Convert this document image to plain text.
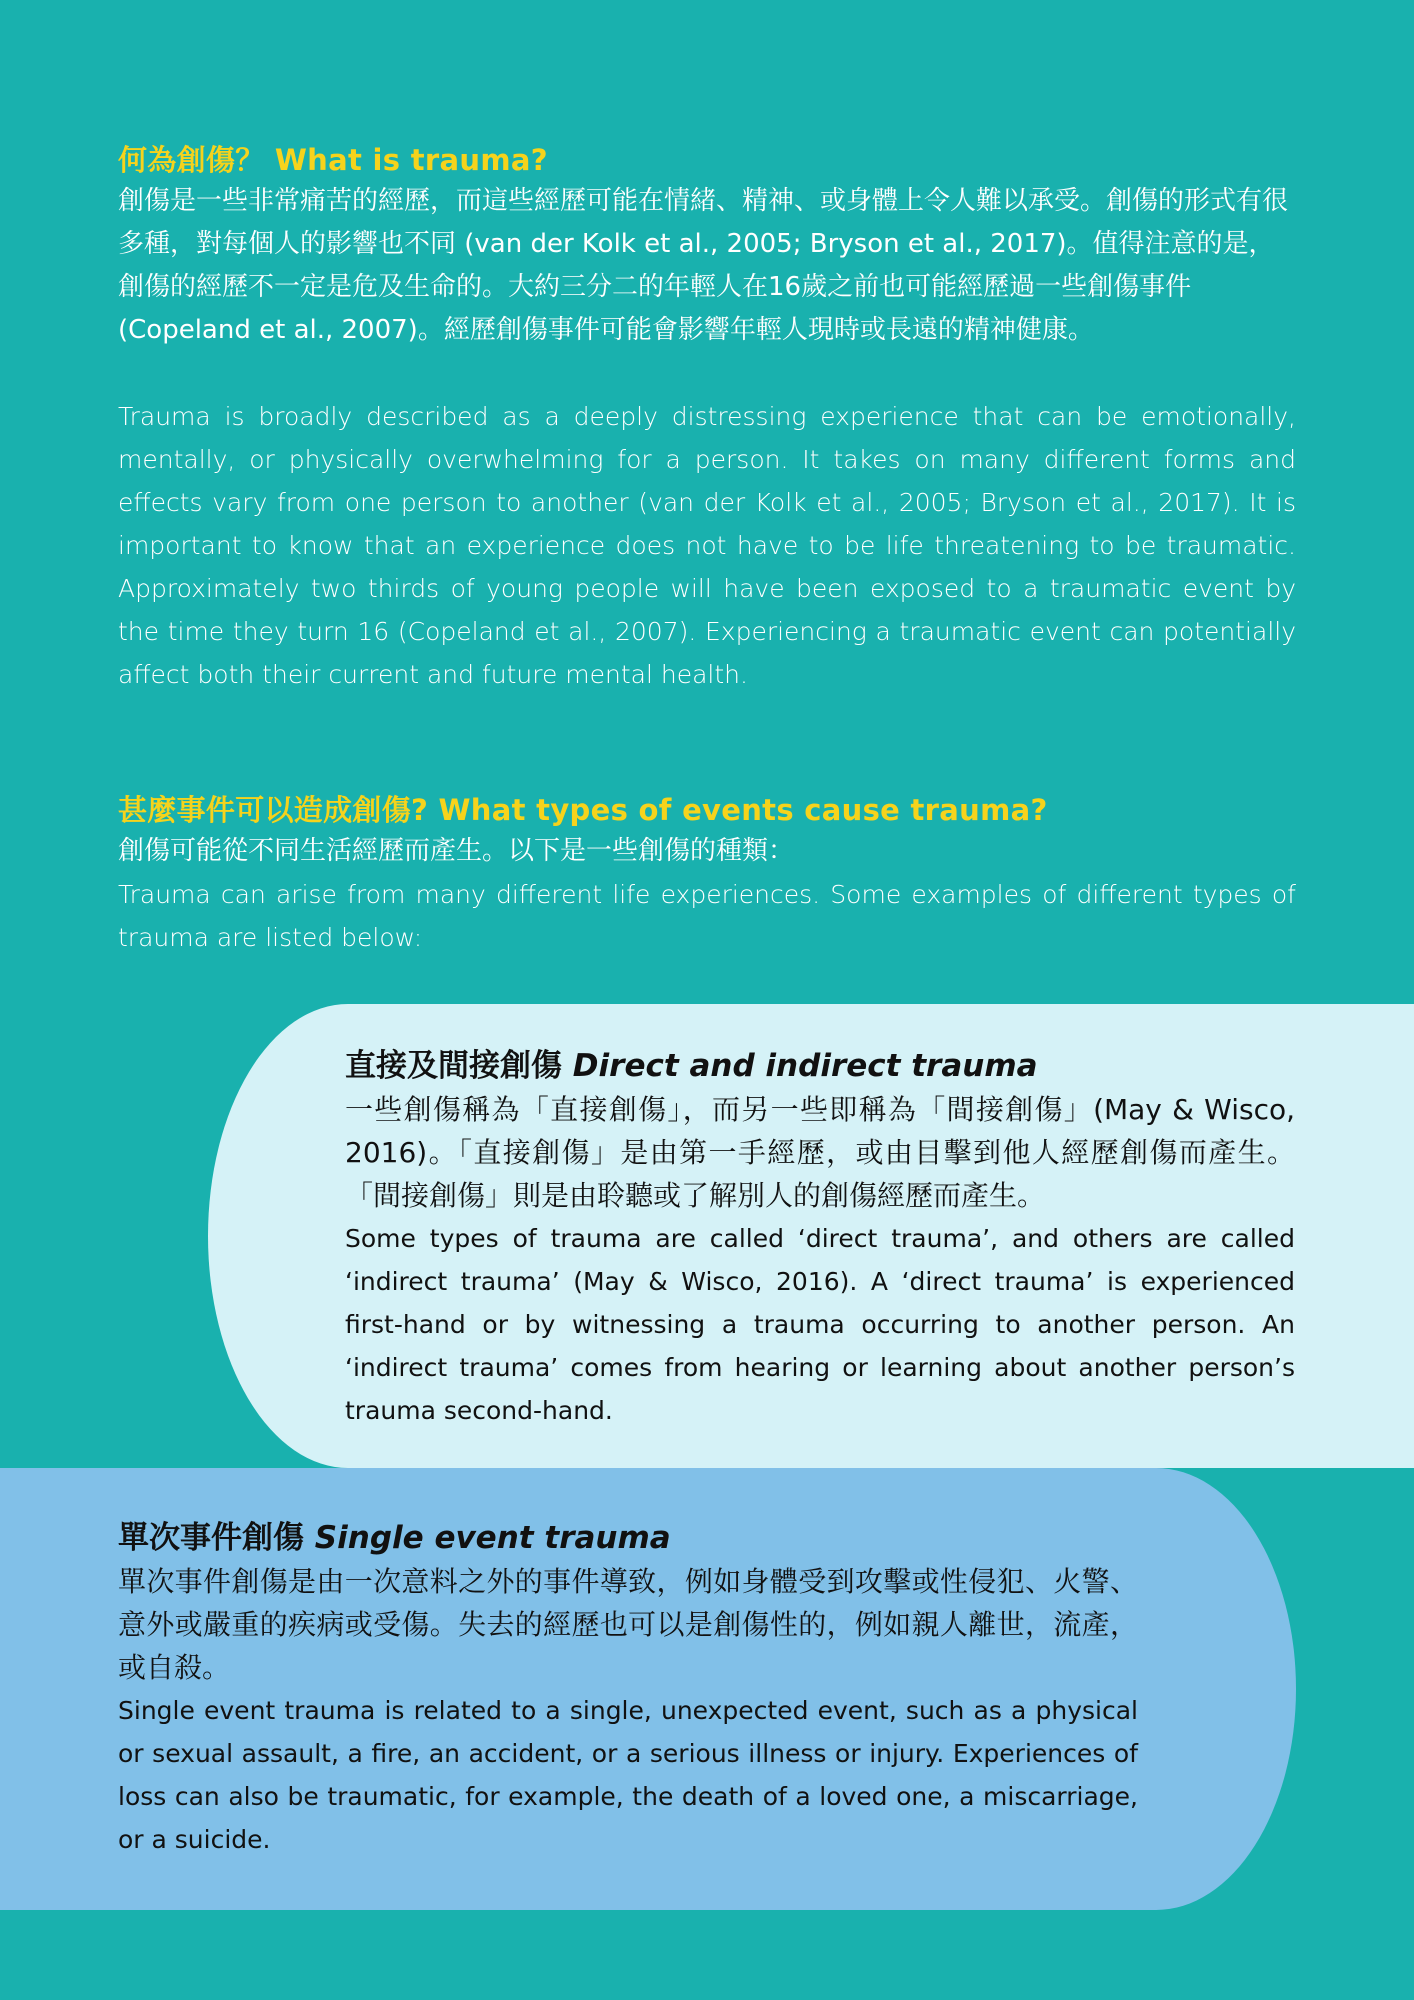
何為創傷？ What is trauma?

創傷是一些非常痛苦的經歷，而這些經歷可能在情緒、精神、或身體上令人難以承受。創傷的形式有很多種，對每個人的影響也不同 (van der Kolk et al., 2005; Bryson et al., 2017)。值得注意的是，創傷的經歷不一定是危及生命的。大約三分二的年輕人在16歲之前也可能經歷過一些創傷事件 (Copeland et al., 2007)。經歷創傷事件可能會影響年輕人現時或長遠的精神健康。

Trauma is broadly described as a deeply distressing experience that can be emotionally, mentally, or physically overwhelming for a person. It takes on many different forms and effects vary from one person to another (van der Kolk et al., 2005; Bryson et al., 2017). It is important to know that an experience does not have to be life threatening to be traumatic. Approximately two thirds of young people will have been exposed to a traumatic event by the time they turn 16 (Copeland et al., 2007). Experiencing a traumatic event can potentially affect both their current and future mental health.

甚麼事件可以造成創傷? What types of events cause trauma?

創傷可能從不同生活經歷而產生。以下是一些創傷的種類：

Trauma can arise from many different life experiences. Some examples of different types of trauma are listed below:

直接及間接創傷 Direct and indirect trauma

一些創傷稱為「直接創傷」，而另一些即稱為「間接創傷」(May & Wisco, 2016)。「直接創傷」是由第一手經歷，或由目擊到他人經歷創傷而產生。「間接創傷」則是由聆聽或了解別人的創傷經歷而產生。

Some types of trauma are called ‘direct trauma’, and others are called ‘indirect trauma’ (May & Wisco, 2016). A ‘direct trauma’ is experienced first-hand or by witnessing a trauma occurring to another person. An ‘indirect trauma’ comes from hearing or learning about another person’s trauma second-hand.

單次事件創傷 Single event trauma

單次事件創傷是由一次意料之外的事件導致，例如身體受到攻擊或性侵犯、火警、意外或嚴重的疾病或受傷。失去的經歷也可以是創傷性的，例如親人離世，流產，或自殺。

Single event trauma is related to a single, unexpected event, such as a physical or sexual assault, a fire, an accident, or a serious illness or injury. Experiences of loss can also be traumatic, for example, the death of a loved one, a miscarriage, or a suicide.
